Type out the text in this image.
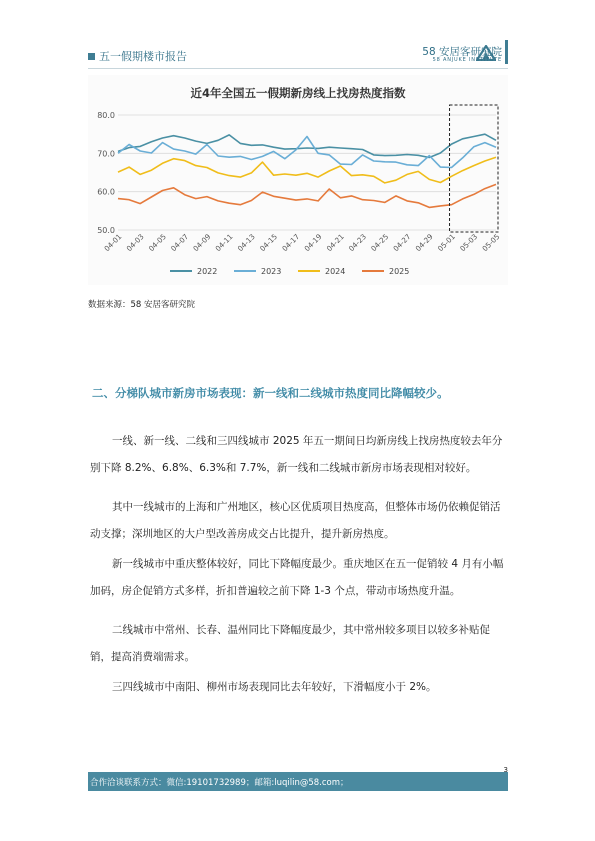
五一假期楼市报告	58 安居客研究院
58 ANJUKE INSTITUTE
近4年全国五一假期新房线上找房热度指数
50.0
60.0
70.0
80.0
04-01 04-03 04-05 04-07 04-09 04-11 04-13 04-15 04-17 04-19 04-21 04-23 04-25 04-27 04-29 05-01 05-03 05-05
2022	2023	2024	2025
数据来源：58 安居客研究院
二、分梯队城市新房市场表现：新一线和二线城市热度同比降幅较少。

一线、新一线、二线和三四线城市 2025 年五一期间日均新房线上找房热度较去年分别下降 8.2%、6.8%、6.3%和 7.7%，新一线和二线城市新房市场表现相对较好。

其中一线城市的上海和广州地区，核心区优质项目热度高，但整体市场仍依赖促销活动支撑；深圳地区的大户型改善房成交占比提升，提升新房热度。

新一线城市中重庆整体较好，同比下降幅度最少。重庆地区在五一促销较 4 月有小幅加码，房企促销方式多样，折扣普遍较之前下降 1-3 个点，带动市场热度升温。

二线城市中常州、长春、温州同比下降幅度最少，其中常州较多项目以较多补贴促销，提高消费端需求。

三四线城市中南阳、柳州市场表现同比去年较好，下滑幅度小于 2%。

合作洽谈联系方式：微信:19101732989；邮箱:luqilin@58.com；
3
